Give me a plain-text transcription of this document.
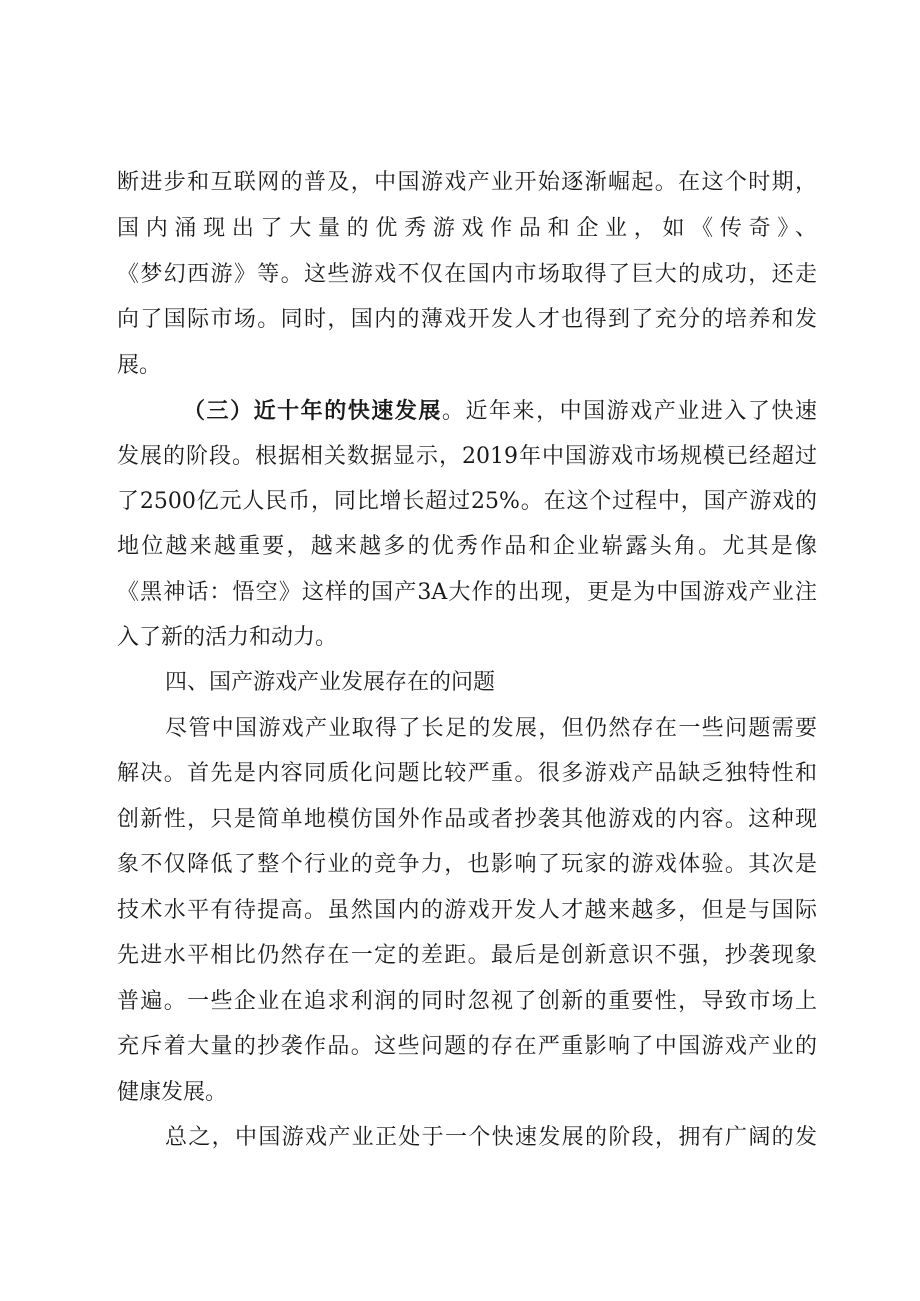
断进步和互联网的普及，中国游戏产业开始逐渐崛起。在这个时期，
国内涌现出了大量的优秀游戏作品和企业，如《传奇》、
《梦幻西游》等。这些游戏不仅在国内市场取得了巨大的成功，还走
向了国际市场。同时，国内的薄戏开发人才也得到了充分的培养和发
展。
（三）近十年的快速发展。近年来，中国游戏产业进入了快速
发展的阶段。根据相关数据显示，2019年中国游戏市场规模已经超过
了2500亿元人民币，同比增长超过25%。在这个过程中，国产游戏的
地位越来越重要，越来越多的优秀作品和企业崭露头角。尤其是像
《黑神话：悟空》这样的国产3A大作的出现，更是为中国游戏产业注
入了新的活力和动力。
四、国产游戏产业发展存在的问题
尽管中国游戏产业取得了长足的发展，但仍然存在一些问题需要
解决。首先是内容同质化问题比较严重。很多游戏产品缺乏独特性和
创新性，只是简单地模仿国外作品或者抄袭其他游戏的内容。这种现
象不仅降低了整个行业的竞争力，也影响了玩家的游戏体验。其次是
技术水平有待提高。虽然国内的游戏开发人才越来越多，但是与国际
先进水平相比仍然存在一定的差距。最后是创新意识不强，抄袭现象
普遍。一些企业在追求利润的同时忽视了创新的重要性，导致市场上
充斥着大量的抄袭作品。这些问题的存在严重影响了中国游戏产业的
健康发展。
总之，中国游戏产业正处于一个快速发展的阶段，拥有广阔的发
